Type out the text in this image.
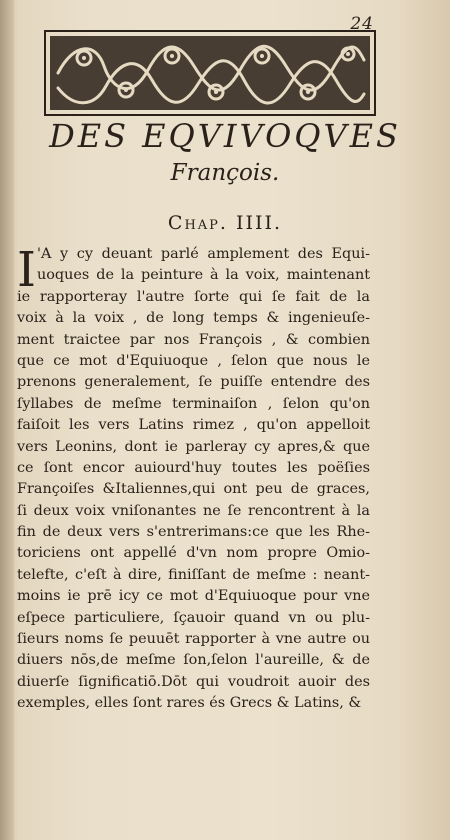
24
DES EQVIVOQVES
François.
Chap. IIII.
I 'A y cy deuant parlé amplement des Equi-
uoques de la peinture à la voix, maintenant
ie rapporteray l'autre ſorte qui ſe fait de la
voix à la voix , de long temps & ingenieuſe-
ment traictee par nos François , & combien
que ce mot d'Equiuoque , ſelon que nous le
prenons generalement, ſe puiſſe entendre des
ſyllabes de meſme terminaiſon , ſelon qu'on
faiſoit les vers Latins rimez , qu'on appelloit
vers Leonins, dont ie parleray cy apres,& que
ce ſont encor auiourd'huy toutes les poëſies
Françoiſes &Italiennes,qui ont peu de graces,
ſi deux voix vniſonantes ne ſe rencontrent à la
fin de deux vers s'entrerimans:ce que les Rhe-
toriciens ont appellé d'vn nom propre Omio-
telefte, c'eſt à dire, finiſſant de meſme : neant-
moins ie prē icy ce mot d'Equiuoque pour vne
eſpece particuliere, ſçauoir quand vn ou plu-
ſieurs noms ſe peuuēt rapporter à vne autre ou
diuers nōs,de meſme ſon,ſelon l'aureille, & de
diuerſe ſignificatiō.Dōt qui voudroit auoir des
exemples, elles ſont rares és Grecs & Latins, &
